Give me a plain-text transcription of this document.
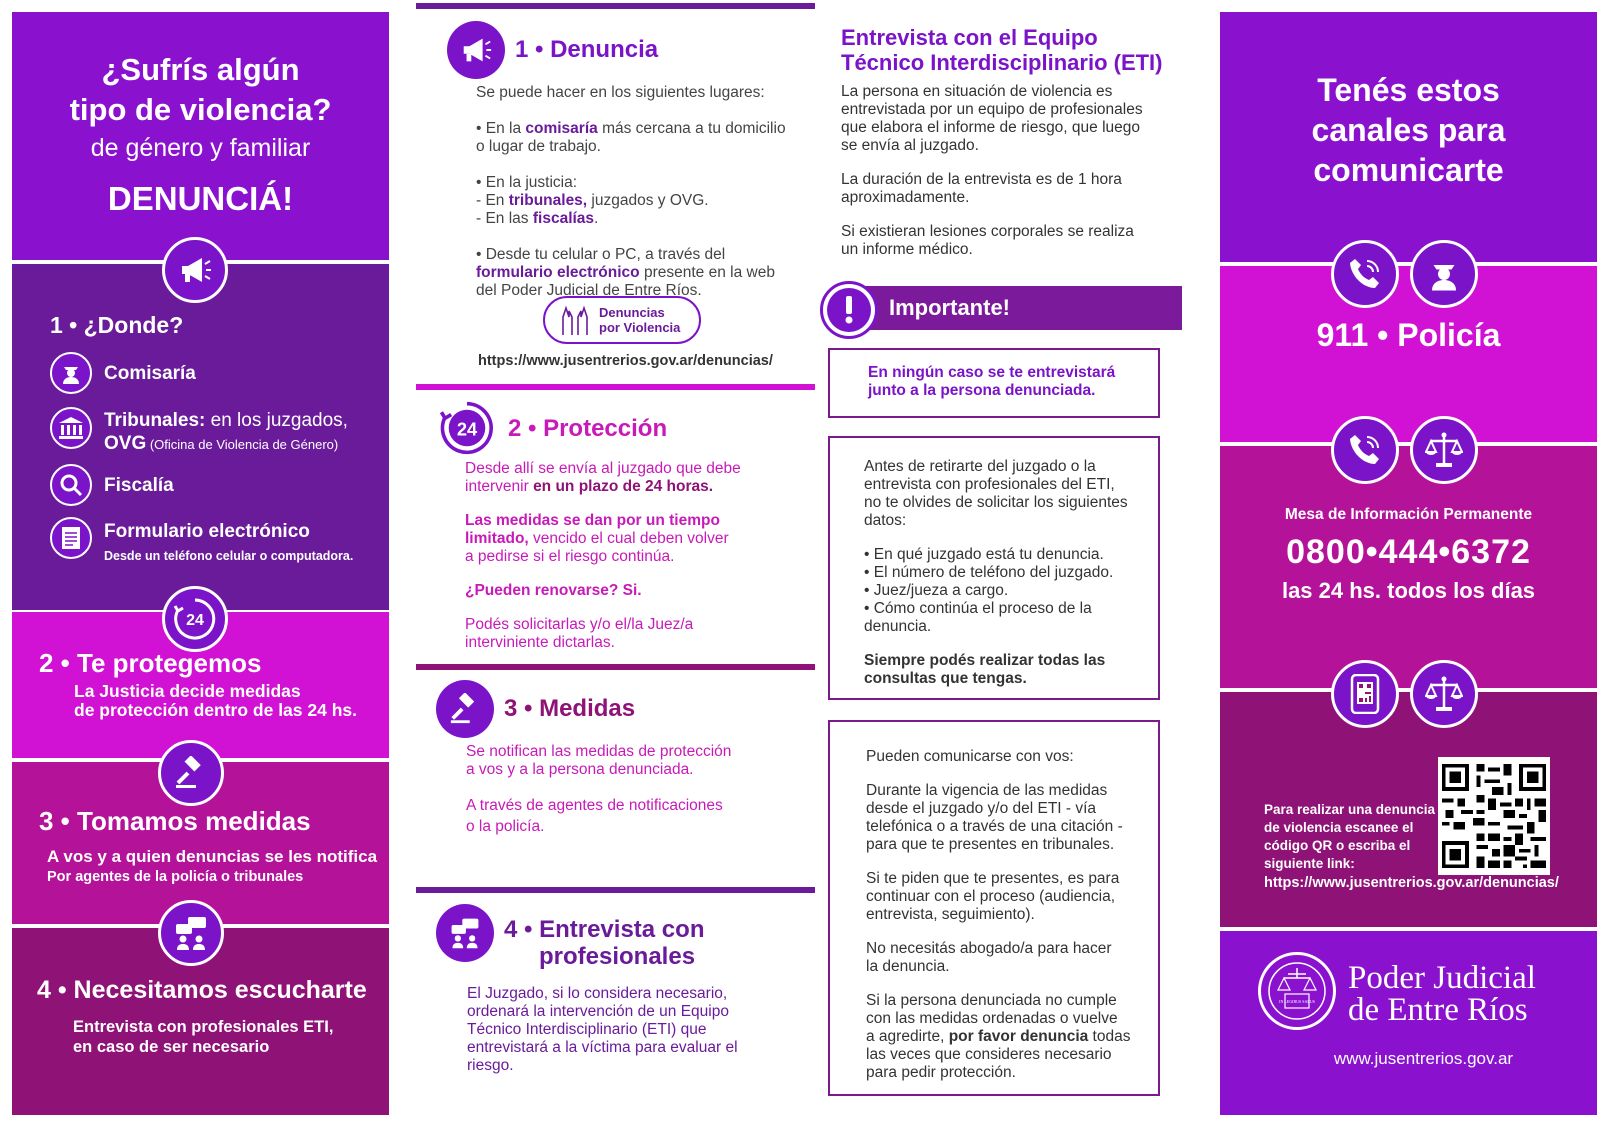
¿Sufrís algún
tipo de violencia?
de género y familiar
DENUNCIÁ!
1 • ¿Donde?
Comisaría
Tribunales: en los juzgados,
OVG (Oficina de Violencia de Género)
Fiscalía
Formulario electrónico
Desde un teléfono celular o computadora.
24
2 • Te protegemos
La Justicia decide medidas
de protección dentro de las 24 hs.
3 • Tomamos medidas
A vos y a quien denuncias se les notifica
Por agentes de la policía o tribunales
4 • Necesitamos escucharte
Entrevista con profesionales ETI,
en caso de ser necesario
1 • Denuncia
Se puede hacer en los siguientes lugares:
• En la comisaría más cercana a tu domicilio
o lugar de trabajo.
• En la justicia:
- En tribunales, juzgados y OVG.
- En las fiscalías.
• Desde tu celular o PC, a través del
formulario electrónico presente en la web
del Poder Judicial de Entre Ríos.
Denuncias
por Violencia
https://www.jusentrerios.gov.ar/denuncias/
24 2 • Protección
Desde allí se envía al juzgado que debe
intervenir en un plazo de 24 horas.
Las medidas se dan por un tiempo
limitado, vencido el cual deben volver
a pedirse si el riesgo continúa.
¿Pueden renovarse? Si.
Podés solicitarlas y/o el/la Juez/a
interviniente dictarlas.
3 • Medidas
Se notifican las medidas de protección
a vos y a la persona denunciada.
A través de agentes de notificaciones
o la policía.
4 • Entrevista con
profesionales
El Juzgado, si lo considera necesario,
ordenará la intervención de un Equipo
Técnico Interdisciplinario (ETI) que
entrevistará a la víctima para evaluar el
riesgo.
Entrevista con el Equipo
Técnico Interdisciplinario (ETI)
La persona en situación de violencia es
entrevistada por un equipo de profesionales
que elabora el informe de riesgo, que luego
se envía al juzgado.
La duración de la entrevista es de 1 hora
aproximadamente.
Si existieran lesiones corporales se realiza
un informe médico.
Importante!
En ningún caso se te entrevistará
junto a la persona denunciada.
Antes de retirarte del juzgado o la
entrevista con profesionales del ETI,
no te olvides de solicitar los siguientes
datos:
• En qué juzgado está tu denuncia.
• El número de teléfono del juzgado.
• Juez/jueza a cargo.
• Cómo continúa el proceso de la
denuncia.
Siempre podés realizar todas las
consultas que tengas.
Pueden comunicarse con vos:
Durante la vigencia de las medidas
desde el juzgado y/o del ETI - vía
telefónica o a través de una citación -
para que te presentes en tribunales.
Si te piden que te presentes, es para
continuar con el proceso (audiencia,
entrevista, seguimiento).
No necesitás abogado/a para hacer
la denuncia.
Si la persona denunciada no cumple
con las medidas ordenadas o vuelve
a agredirte, por favor denuncia todas
las veces que consideres necesario
para pedir protección.
Tenés estos
canales para
comunicarte
911 • Policía
Mesa de Información Permanente
0800•444•6372
las 24 hs. todos los días
Para realizar una denuncia
de violencia escanee el
código QR o escriba el
siguiente link:
https://www.jusentrerios.gov.ar/denuncias/
IN LEGIBUS SALUS
Poder Judicial
de Entre Ríos
www.jusentrerios.gov.ar
